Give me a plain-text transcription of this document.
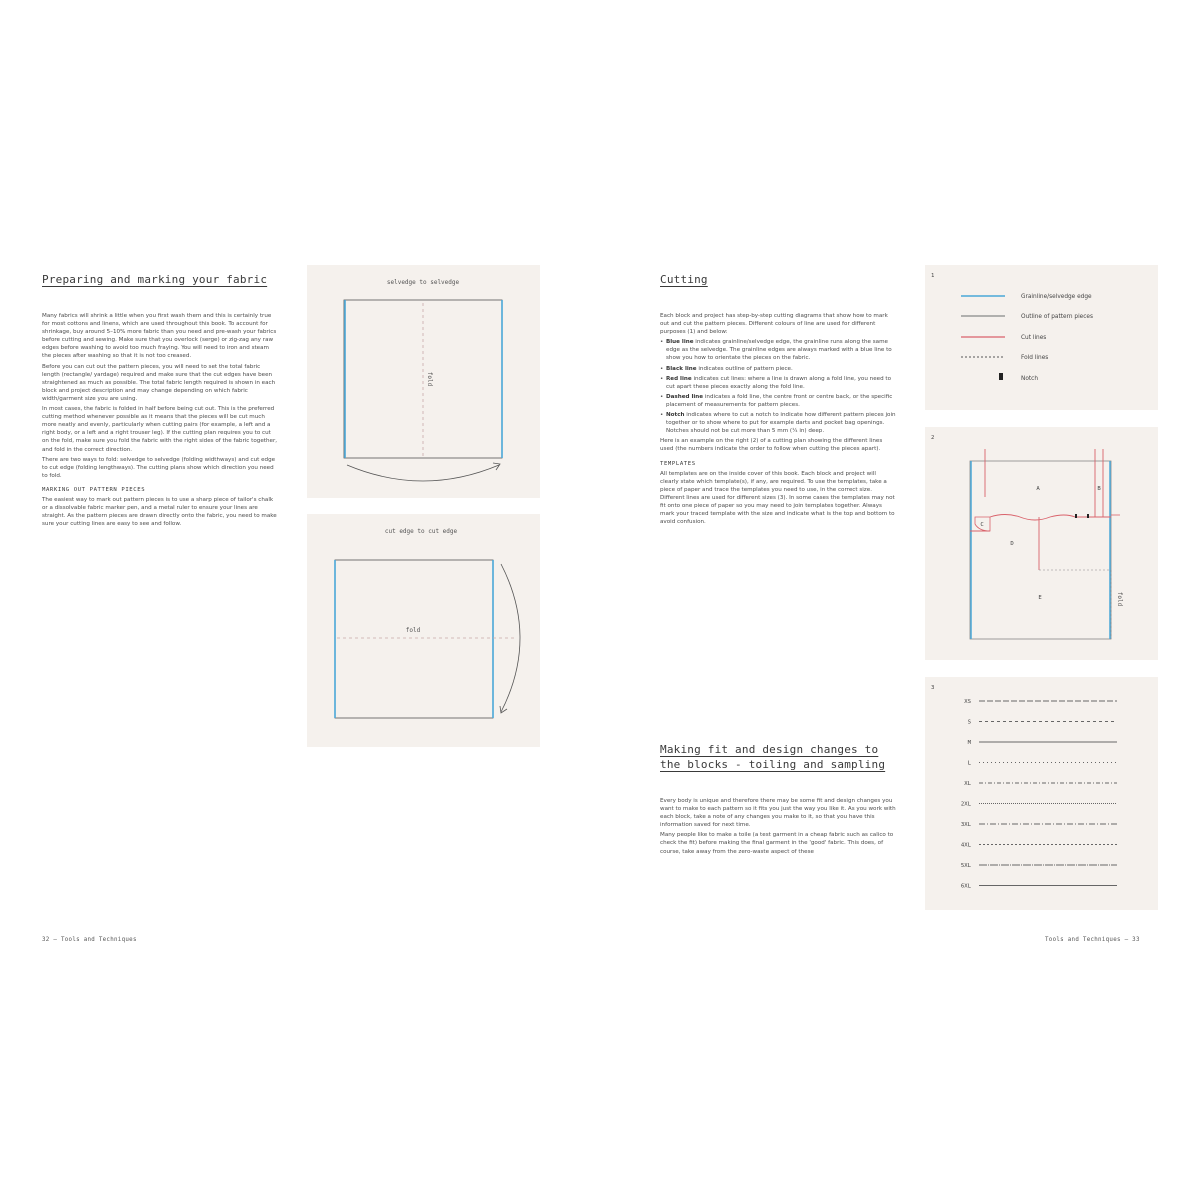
Preparing and marking your fabric

Many fabrics will shrink a little when you first wash them and this is certainly true for most cottons and linens, which are used throughout this book. To account for shrinkage, buy around 5–10% more fabric than you need and pre-wash your fabrics before cutting and sewing. Make sure that you overlock (serge) or zig-zag any raw edges before washing to avoid too much fraying. You will need to iron and steam the pieces after washing so that it is not too creased.

Before you can cut out the pattern pieces, you will need to set the total fabric length (rectangle/ yardage) required and make sure that the cut edges have been straightened as much as possible. The total fabric length required is shown in each block and project description and may change depending on which fabric width/garment size you are using.

In most cases, the fabric is folded in half before being cut out. This is the preferred cutting method whenever possible as it means that the pieces will be cut much more neatly and evenly, particularly when cutting pairs (for example, a left and a right body, or a left and a right trouser leg). If the cutting plan requires you to cut on the fold, make sure you fold the fabric with the right sides of the fabric together, and fold in the correct direction.

There are two ways to fold: selvedge to selvedge (folding widthways) and cut edge to cut edge (folding lengthways). The cutting plans show which direction you need to fold.

MARKING OUT PATTERN PIECES

The easiest way to mark out pattern pieces is to use a sharp piece of tailor's chalk or a dissolvable fabric marker pen, and a metal ruler to ensure your lines are straight. As the pattern pieces are drawn directly onto the fabric, you need to make sure your cutting lines are easy to see and follow.

32 — Tools and Techniques
selvedge to selvedge
fold
cut edge to cut edge
fold
Cutting

Each block and project has step-by-step cutting diagrams that show how to mark out and cut the pattern pieces. Different colours of line are used for different purposes (1) and below:

• Blue line indicates grainline/selvedge edge, the grainline runs along the same edge as the selvedge. The grainline edges are always marked with a blue line to show you how to orientate the pieces on the fabric.
• Black line indicates outline of pattern piece.
• Red line indicates cut lines: where a line is drawn along a fold line, you need to cut apart these pieces exactly along the fold line.
• Dashed line indicates a fold line, the centre front or centre back, or the specific placement of measurements for pattern pieces.
• Notch indicates where to cut a notch to indicate how different pattern pieces join together or to show where to put for example darts and pocket bag openings. Notches should not be cut more than 5 mm (¼ in) deep.

Here is an example on the right (2) of a cutting plan showing the different lines used (the numbers indicate the order to follow when cutting the pieces apart).

TEMPLATES

All templates are on the inside cover of this book. Each block and project will clearly state which template(s), if any, are required. To use the templates, take a piece of paper and trace the templates you need to use, in the correct size. Different lines are used for different sizes (3). In some cases the templates may not fit onto one piece of paper so you may need to join templates together. Always mark your traced template with the size and indicate what is the top and bottom to avoid confusion.

Making fit and design changes to
the blocks - toiling and sampling

Every body is unique and therefore there may be some fit and design changes you want to make to each pattern so it fits you just the way you like it. As you work with each block, take a note of any changes you make to it, so that you have this information saved for next time.

Many people like to make a toile (a test garment in a cheap fabric such as calico to check the fit) before making the final garment in the 'good' fabric. This does, of course, take away from the zero-waste aspect of these

Tools and Techniques — 33
1
Grainline/selvedge edge
Outline of pattern pieces
Cut lines
Fold lines
Notch
2
A	B
C
D
E	fold
3
XS
S
M
L
XL
2XL
3XL
4XL
5XL
6XL
